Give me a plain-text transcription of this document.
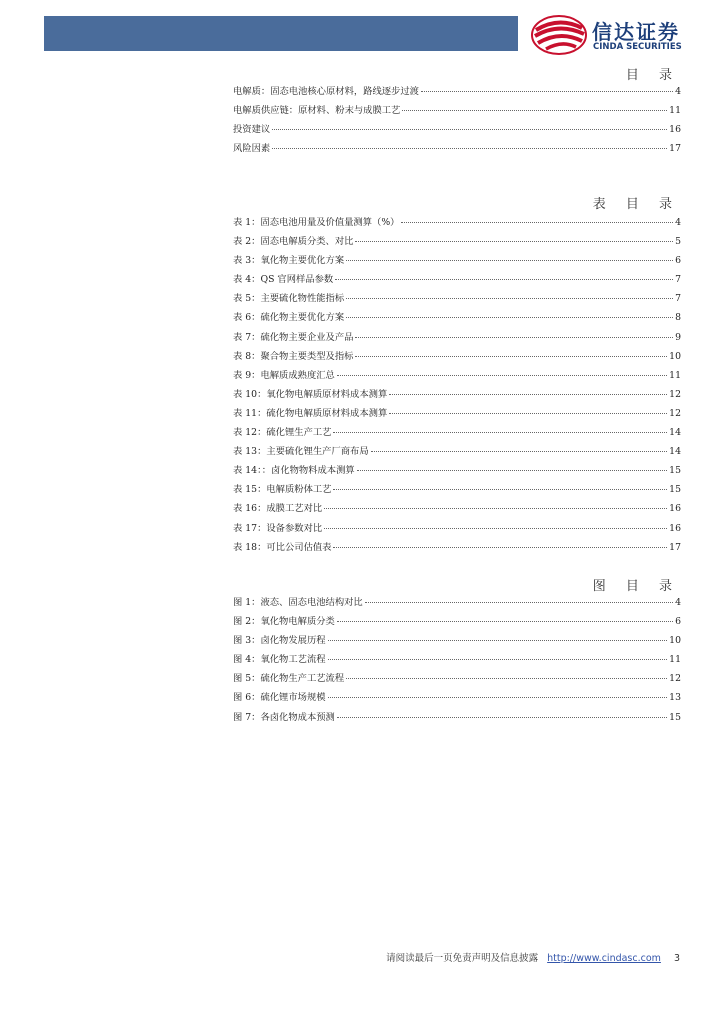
信达证券
CINDA SECURITIES
目 录
电解质：固态电池核心原材料，路线逐步过渡	4
电解质供应链：原材料、粉末与成膜工艺	11
投资建议	16
风险因素	17
表 目 录
表 1：固态电池用量及价值量测算（%）	4
表 2：固态电解质分类、对比	5
表 3：氧化物主要优化方案	6
表 4：QS 官网样品参数	7
表 5：主要硫化物性能指标	7
表 6：硫化物主要优化方案	8
表 7：硫化物主要企业及产品	9
表 8：聚合物主要类型及指标	10
表 9：电解质成熟度汇总	11
表 10：氧化物电解质原材料成本测算	12
表 11：硫化物电解质原材料成本测算	12
表 12：硫化锂生产工艺	14
表 13：主要硫化锂生产厂商布局	14
表 14：：卤化物物料成本测算	15
表 15：电解质粉体工艺	15
表 16：成膜工艺对比	16
表 17：设备参数对比	16
表 18：可比公司估值表	17
图 目 录
图 1：液态、固态电池结构对比	4
图 2：氧化物电解质分类	6
图 3：卤化物发展历程	10
图 4：氧化物工艺流程	11
图 5：硫化物生产工艺流程	12
图 6：硫化锂市场规模	13
图 7：各卤化物成本预测	15
请阅读最后一页免责声明及信息披露 http://www.cindasc.com 3
